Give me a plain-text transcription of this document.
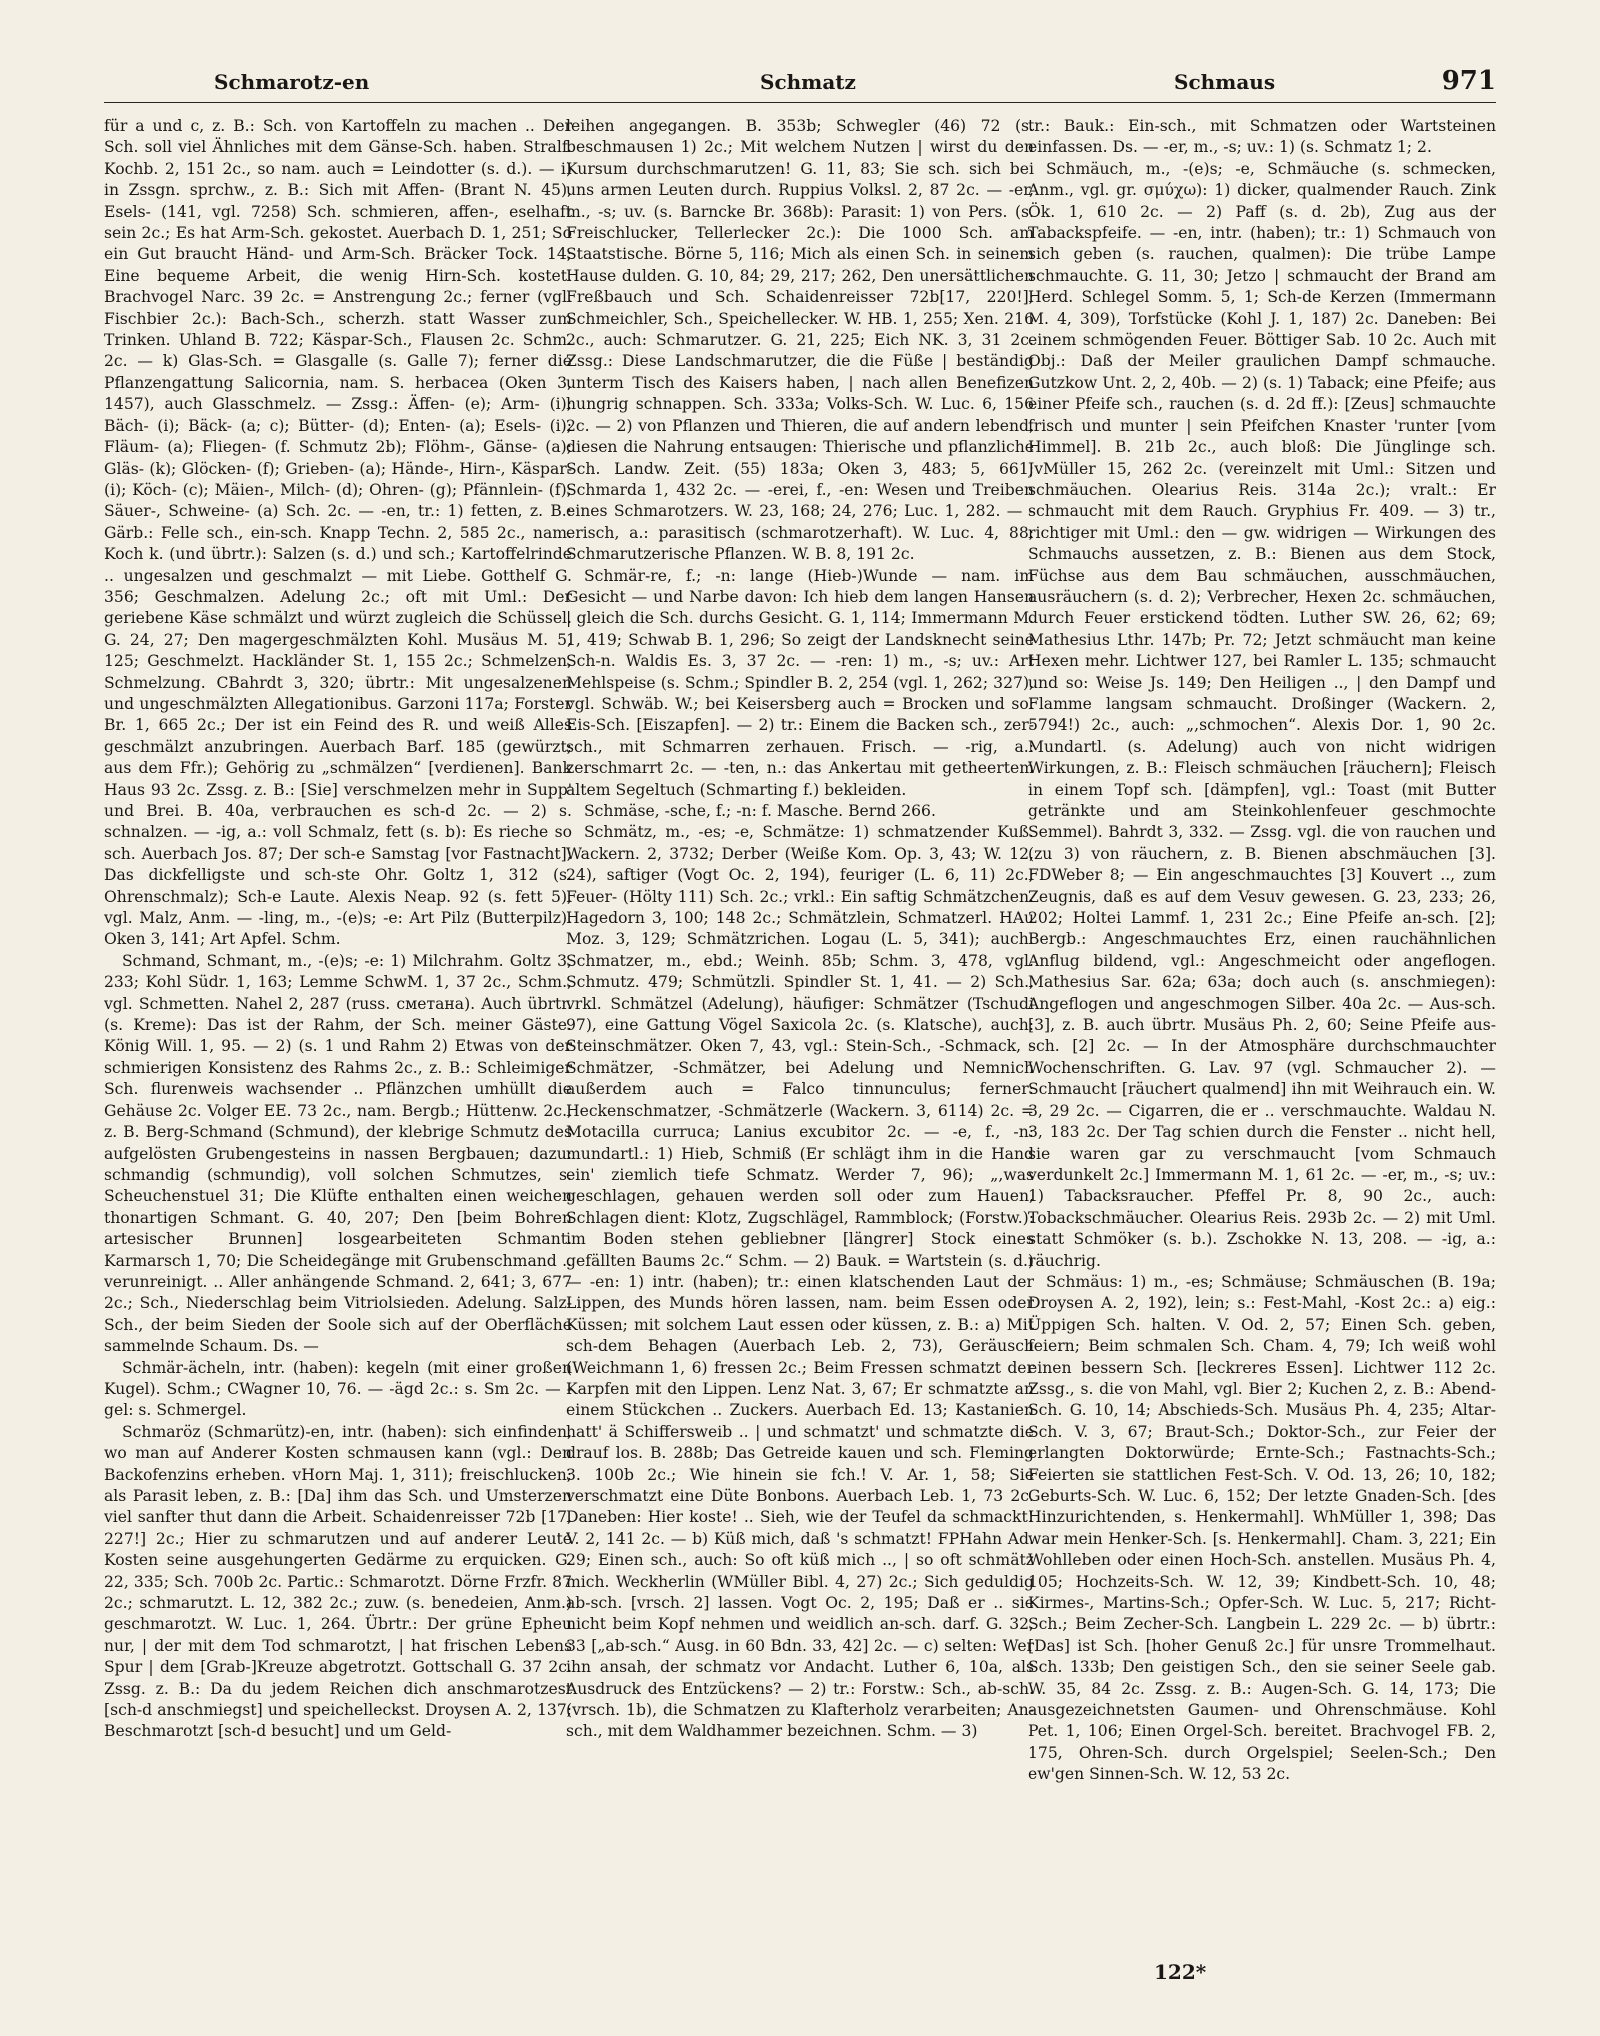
Schmarotz-en	Schmatz	Schmaus	971

für a und c, z. B.: Sch. von Kartoffeln zu machen .. Der Sch. soll viel Ähnliches mit dem Gänse-Sch. haben. Stralf. Kochb. 2, 151 2c., so nam. auch = Leindotter (s. d.). — i) in Zssgn. sprchw., z. B.: Sich mit Affen- (Brant N. 45), Esels- (141, vgl. 7258) Sch. schmieren, affen-, eselhaft sein 2c.; Es hat Arm-Sch. gekostet. Auerbach D. 1, 251; So ein Gut braucht Händ- und Arm-Sch. Bräcker Tock. 14; Eine bequeme Arbeit, die wenig Hirn-Sch. kostet. Brachvogel Narc. 39 2c. = Anstrengung 2c.; ferner (vgl. Fischbier 2c.): Bach-Sch., scherzh. statt Wasser zum Trinken. Uhland B. 722; Käspar-Sch., Flausen 2c. Schm. 2c. — k) Glas-Sch. = Glasgalle (s. Galle 7); ferner die Pflanzengattung Salicornia, nam. S. herbacea (Oken 3, 1457), auch Glasschmelz. — Zssg.: Äffen- (e); Arm- (i); Bäch- (i); Bäck- (a; c); Bütter- (d); Enten- (a); Esels- (i); Fläum- (a); Fliegen- (f. Schmutz 2b); Flöhm-, Gänse- (a); Gläs- (k); Glöcken- (f); Grieben- (a); Hände-, Hirn-, Käspar- (i); Köch- (c); Mäien-, Milch- (d); Ohren- (g); Pfännlein- (f); Säuer-, Schweine- (a) Sch. 2c. — -en, tr.: 1) fetten, z. B.: Gärb.: Felle sch., ein-sch. Knapp Techn. 2, 585 2c., nam. Koch k. (und übrtr.): Salzen (s. d.) und sch.; Kartoffelrinde .. ungesalzen und geschmalzt — mit Liebe. Gotthelf G. 356; Geschmalzen. Adelung 2c.; oft mit Uml.: Der geriebene Käse schmälzt und würzt zugleich die Schüssel. G. 24, 27; Den magergeschmälzten Kohl. Musäus M. 5, 125; Geschmelzt. Hackländer St. 1, 155 2c.; Schmelzen, Schmelzung. CBahrdt 3, 320; übrtr.: Mit ungesalzenen und ungeschmälzten Allegationibus. Garzoni 117a; Forster Br. 1, 665 2c.; Der ist ein Feind des R. und weiß Alles geschmälzt anzubringen. Auerbach Barf. 185 (gewürzt; aus dem Ffr.); Gehörig zu „schmälzen“ [verdienen]. Bank Haus 93 2c. Zssg. z. B.: [Sie] verschmelzen mehr in Supp' und Brei. B. 40a, verbrauchen es sch-d 2c. — 2) s. schnalzen. — -ig, a.: voll Schmalz, fett (s. b): Es rieche so sch. Auerbach Jos. 87; Der sch-e Samstag [vor Fastnacht]; Das dickfelligste und sch-ste Ohr. Goltz 1, 312 (s. Ohrenschmalz); Sch-e Laute. Alexis Neap. 92 (s. fett 5), vgl. Malz, Anm. — -ling, m., -(e)s; -e: Art Pilz (Butterpilz). Oken 3, 141; Art Apfel. Schm.

Schmand, Schmant, m., -(e)s; -e: 1) Milchrahm. Goltz 3, 233; Kohl Südr. 1, 163; Lemme SchwM. 1, 37 2c., Schm., vgl. Schmetten. Nahel 2, 287 (russ. сметана). Auch übrtr. (s. Kreme): Das ist der Rahm, der Sch. meiner Gäste. König Will. 1, 95. — 2) (s. 1 und Rahm 2) Etwas von der schmierigen Konsistenz des Rahms 2c., z. B.: Schleimiger Sch. flurenweis wachsender .. Pflänzchen umhüllt die Gehäuse 2c. Volger EE. 73 2c., nam. Bergb.; Hüttenw. 2c., z. B. Berg-Schmand (Schmund), der klebrige Schmutz des aufgelösten Grubengesteins in nassen Bergbauen; dazu: schmandig (schmundig), voll solchen Schmutzes, s. Scheuchenstuel 31; Die Klüfte enthalten einen weichen thonartigen Schmant. G. 40, 207; Den [beim Bohren artesischer Brunnen] losgearbeiteten Schmant. Karmarsch 1, 70; Die Scheidegänge mit Grubenschmand .. verunreinigt. .. Aller anhängende Schmand. 2, 641; 3, 677 2c.; Sch., Niederschlag beim Vitriolsieden. Adelung. Salz-Sch., der beim Sieden der Soole sich auf der Oberfläche sammelnde Schaum. Ds. —

Schmär-ächeln, intr. (haben): kegeln (mit einer großen Kugel). Schm.; CWagner 10, 76. — -ägd 2c.: s. Sm 2c. — -gel: s. Schmergel.

Schmaröz (Schmarütz)-en, intr. (haben): sich einfinden, wo man auf Anderer Kosten schmausen kann (vgl.: Den Backofenzins erheben. vHorn Maj. 1, 311); freischlucken; als Parasit leben, z. B.: [Da] ihm das Sch. und Umsterzen viel sanfter thut dann die Arbeit. Schaidenreisser 72b [17, 227!] 2c.; Hier zu schmarutzen und auf anderer Leute Kosten seine ausgehungerten Gedärme zu erquicken. G. 22, 335; Sch. 700b 2c. Partic.: Schmarotzt. Dörne Frzfr. 87 2c.; schmarutzt. L. 12, 382 2c.; zuw. (s. benedeien, Anm.) geschmarotzt. W. Luc. 1, 264. Übrtr.: Der grüne Epheu nur, | der mit dem Tod schmarotzt, | hat frischen Lebens Spur | dem [Grab-]Kreuze abgetrotzt. Gottschall G. 37 2c. Zssg. z. B.: Da du jedem Reichen dich anschmarotzest [sch-d anschmiegst] und speichelleckst. Droysen A. 2, 137; Beschmarotzt [sch-d besucht] und um Geld-

leihen angegangen. B. 353b; Schwegler (46) 72 (s. beschmausen 1) 2c.; Mit welchem Nutzen | wirst du den Kursum durchschmarutzen! G. 11, 83; Sie sch. sich bei uns armen Leuten durch. Ruppius Volksl. 2, 87 2c. — -er, m., -s; uv. (s. Barncke Br. 368b): Parasit: 1) von Pers. (s. Freischlucker, Tellerlecker 2c.): Die 1000 Sch. am Staatstische. Börne 5, 116; Mich als einen Sch. in seinem Hause dulden. G. 10, 84; 29, 217; 262, Den unersättlichen Freßbauch und Sch. Schaidenreisser 72b[17, 220!]; Schmeichler, Sch., Speichellecker. W. HB. 1, 255; Xen. 216 2c., auch: Schmarutzer. G. 21, 225; Eich NK. 3, 31 2c. Zssg.: Diese Landschmarutzer, die die Füße | beständig unterm Tisch des Kaisers haben, | nach allen Benefizen hungrig schnappen. Sch. 333a; Volks-Sch. W. Luc. 6, 156 2c. — 2) von Pflanzen und Thieren, die auf andern lebend, diesen die Nahrung entsaugen: Thierische und pflanzliche Sch. Landw. Zeit. (55) 183a; Oken 3, 483; 5, 661; Schmarda 1, 432 2c. — -erei, f., -en: Wesen und Treiben eines Schmarotzers. W. 23, 168; 24, 276; Luc. 1, 282. — -erisch, a.: parasitisch (schmarotzerhaft). W. Luc. 4, 88; Schmarutzerische Pflanzen. W. B. 8, 191 2c.

Schmär-re, f.; -n: lange (Hieb-)Wunde — nam. im Gesicht — und Narbe davon: Ich hieb dem langen Hansen | gleich die Sch. durchs Gesicht. G. 1, 114; Immermann M. 1, 419; Schwab B. 1, 296; So zeigt der Landsknecht seine Sch-n. Waldis Es. 3, 37 2c. — -ren: 1) m., -s; uv.: Art Mehlspeise (s. Schm.; Spindler B. 2, 254 (vgl. 1, 262; 327), vgl. Schwäb. W.; bei Keisersberg auch = Brocken und so: Eis-Sch. [Eiszapfen]. — 2) tr.: Einem die Backen sch., zer-sch., mit Schmarren zerhauen. Frisch. — -rig, a.: zerschmarrt 2c. — -ten, n.: das Ankertau mit getheertem altem Segeltuch (Schmarting f.) bekleiden.

Schmäse, -sche, f.; -n: f. Masche. Bernd 266.

Schmätz, m., -es; -e, Schmätze: 1) schmatzender Kuß. Wackern. 2, 3732; Derber (Weiße Kom. Op. 3, 43; W. 12, 24), saftiger (Vogt Oc. 2, 194), feuriger (L. 6, 11) 2c.; Feuer- (Hölty 111) Sch. 2c.; vrkl.: Ein saftig Schmätzchen. Hagedorn 3, 100; 148 2c.; Schmätzlein, Schmatzerl. HAu Moz. 3, 129; Schmätzrichen. Logau (L. 5, 341); auch: Schmatzer, m., ebd.; Weinh. 85b; Schm. 3, 478, vgl. Schmutz. 479; Schmützli. Spindler St. 1, 41. — 2) Sch., vrkl. Schmätzel (Adelung), häufiger: Schmätzer (Tschudi 97), eine Gattung Vögel Saxicola 2c. (s. Klatsche), auch: Steinschmätzer. Oken 7, 43, vgl.: Stein-Sch., -Schmack, -Schmätzer, -Schmätzer, bei Adelung und Nemnich außerdem auch = Falco tinnunculus; ferner: Heckenschmatzer, -Schmätzerle (Wackern. 3, 6114) 2c. = Motacilla curruca; Lanius excubitor 2c. — -e, f., -n: mundartl.: 1) Hieb, Schmiß (Er schlägt ihm in die Hand ein' ziemlich tiefe Schmatz. Werder 7, 96); „,was geschlagen, gehauen werden soll oder zum Hauen, Schlagen dient: Klotz, Zugschlägel, Rammblock; (Forstw.): im Boden stehen gebliebner [längrer] Stock eines gefällten Baums 2c.“ Schm. — 2) Bauk. = Wartstein (s. d.) — -en: 1) intr. (haben); tr.: einen klatschenden Laut der Lippen, des Munds hören lassen, nam. beim Essen oder Küssen; mit solchem Laut essen oder küssen, z. B.: a) Mit sch-dem Behagen (Auerbach Leb. 2, 73), Geräusch (Weichmann 1, 6) fressen 2c.; Beim Fressen schmatzt der Karpfen mit den Lippen. Lenz Nat. 3, 67; Er schmatzte an einem Stückchen .. Zuckers. Auerbach Ed. 13; Kastanien hatt' ä Schiffersweib .. | und schmatzt' und schmatzte die drauf los. B. 288b; Das Getreide kauen und sch. Fleming 3. 100b 2c.; Wie hinein sie fch.! V. Ar. 1, 58; Sie verschmatzt eine Düte Bonbons. Auerbach Leb. 1, 73 2c. Daneben: Hier koste! .. Sieh, wie der Teufel da schmackt! V. 2, 141 2c. — b) Küß mich, daß 's schmatzt! FPHahn Ad. 29; Einen sch., auch: So oft küß mich .., | so oft schmätz mich. Weckherlin (WMüller Bibl. 4, 27) 2c.; Sich geduldig ab-sch. [vrsch. 2] lassen. Vogt Oc. 2, 195; Daß er .. sie nicht beim Kopf nehmen und weidlich an-sch. darf. G. 32, 33 [„ab-sch.“ Ausg. in 60 Bdn. 33, 42] 2c. — c) selten: Wer ihn ansah, der schmatz vor Andacht. Luther 6, 10a, als Ausdruck des Entzückens? — 2) tr.: Forstw.: Sch., ab-sch. (vrsch. 1b), die Schmatzen zu Klafterholz verarbeiten; An-sch., mit dem Waldhammer bezeichnen. Schm. — 3)

tr.: Bauk.: Ein-sch., mit Schmatzen oder Wartsteinen einfassen. Ds. — -er, m., -s; uv.: 1) (s. Schmatz 1; 2.

Schmäuch, m., -(e)s; -e, Schmäuche (s. schmecken, Anm., vgl. gr. σμύχω): 1) dicker, qualmender Rauch. Zink Ök. 1, 610 2c. — 2) Paff (s. d. 2b), Zug aus der Tabackspfeife. — -en, intr. (haben); tr.: 1) Schmauch von sich geben (s. rauchen, qualmen): Die trübe Lampe schmauchte. G. 11, 30; Jetzo | schmaucht der Brand am Herd. Schlegel Somm. 5, 1; Sch-de Kerzen (Immermann M. 4, 309), Torfstücke (Kohl J. 1, 187) 2c. Daneben: Bei einem schmögenden Feuer. Böttiger Sab. 10 2c. Auch mit Obj.: Daß der Meiler graulichen Dampf schmauche. Gutzkow Unt. 2, 2, 40b. — 2) (s. 1) Taback; eine Pfeife; aus einer Pfeife sch., rauchen (s. d. 2d ff.): [Zeus] schmauchte frisch und munter | sein Pfeifchen Knaster 'runter [vom Himmel]. B. 21b 2c., auch bloß: Die Jünglinge sch. JvMüller 15, 262 2c. (vereinzelt mit Uml.: Sitzen und schmäuchen. Olearius Reis. 314a 2c.); vralt.: Er schmaucht mit dem Rauch. Gryphius Fr. 409. — 3) tr., richtiger mit Uml.: den — gw. widrigen — Wirkungen des Schmauchs aussetzen, z. B.: Bienen aus dem Stock, Füchse aus dem Bau schmäuchen, ausschmäuchen, ausräuchern (s. d. 2); Verbrecher, Hexen 2c. schmäuchen, durch Feuer erstickend tödten. Luther SW. 26, 62; 69; Mathesius Lthr. 147b; Pr. 72; Jetzt schmäucht man keine Hexen mehr. Lichtwer 127, bei Ramler L. 135; schmaucht und so: Weise Js. 149; Den Heiligen .., | den Dampf und Flamme langsam schmaucht. Droßinger (Wackern. 2, 5794!) 2c., auch: „,schmochen“. Alexis Dor. 1, 90 2c. Mundartl. (s. Adelung) auch von nicht widrigen Wirkungen, z. B.: Fleisch schmäuchen [räuchern]; Fleisch in einem Topf sch. [dämpfen], vgl.: Toast (mit Butter getränkte und am Steinkohlenfeuer geschmochte Semmel). Bahrdt 3, 332. — Zssg. vgl. die von rauchen und (zu 3) von räuchern, z. B. Bienen abschmäuchen [3]. FDWeber 8; — Ein angeschmauchtes [3] Kouvert .., zum Zeugnis, daß es auf dem Vesuv gewesen. G. 23, 233; 26, 202; Holtei Lammf. 1, 231 2c.; Eine Pfeife an-sch. [2]; Bergb.: Angeschmauchtes Erz, einen rauchähnlichen Anflug bildend, vgl.: Angeschmeicht oder angeflogen. Mathesius Sar. 62a; 63a; doch auch (s. anschmiegen): Angeflogen und angeschmogen Silber. 40a 2c. — Aus-sch. [3], z. B. auch übrtr. Musäus Ph. 2, 60; Seine Pfeife aus-sch. [2] 2c. — In der Atmosphäre durchschmauchter Wochenschriften. G. Lav. 97 (vgl. Schmaucher 2). — Schmaucht [räuchert qualmend] ihn mit Weihrauch ein. W. 3, 29 2c. — Cigarren, die er .. verschmauchte. Waldau N. 3, 183 2c. Der Tag schien durch die Fenster .. nicht hell, sie waren gar zu verschmaucht [vom Schmauch verdunkelt 2c.] Immermann M. 1, 61 2c. — -er, m., -s; uv.: 1) Tabacksraucher. Pfeffel Pr. 8, 90 2c., auch: Tobackschmäucher. Olearius Reis. 293b 2c. — 2) mit Uml. statt Schmöker (s. b.). Zschokke N. 13, 208. — -ig, a.: räuchrig.

Schmäus: 1) m., -es; Schmäuse; Schmäuschen (B. 19a; Droysen A. 2, 192), lein; s.: Fest-Mahl, -Kost 2c.: a) eig.: Üppigen Sch. halten. V. Od. 2, 57; Einen Sch. geben, feiern; Beim schmalen Sch. Cham. 4, 79; Ich weiß wohl einen bessern Sch. [leckreres Essen]. Lichtwer 112 2c. Zssg., s. die von Mahl, vgl. Bier 2; Kuchen 2, z. B.: Abend-Sch. G. 10, 14; Abschieds-Sch. Musäus Ph. 4, 235; Altar-Sch. V. 3, 67; Braut-Sch.; Doktor-Sch., zur Feier der erlangten Doktorwürde; Ernte-Sch.; Fastnachts-Sch.; Feierten sie stattlichen Fest-Sch. V. Od. 13, 26; 10, 182; Geburts-Sch. W. Luc. 6, 152; Der letzte Gnaden-Sch. [des Hinzurichtenden, s. Henkermahl]. WhMüller 1, 398; Das war mein Henker-Sch. [s. Henkermahl]. Cham. 3, 221; Ein Wohlleben oder einen Hoch-Sch. anstellen. Musäus Ph. 4, 105; Hochzeits-Sch. W. 12, 39; Kindbett-Sch. 10, 48; Kirmes-, Martins-Sch.; Opfer-Sch. W. Luc. 5, 217; Richt-Sch.; Beim Zecher-Sch. Langbein L. 229 2c. — b) übrtr.: [Das] ist Sch. [hoher Genuß 2c.] für unsre Trommelhaut. Sch. 133b; Den geistigen Sch., den sie seiner Seele gab. W. 35, 84 2c. Zssg. z. B.: Augen-Sch. G. 14, 173; Die ausgezeichnetsten Gaumen- und Ohrenschmäuse. Kohl Pet. 1, 106; Einen Orgel-Sch. bereitet. Brachvogel FB. 2, 175, Ohren-Sch. durch Orgelspiel; Seelen-Sch.; Den ew'gen Sinnen-Sch. W. 12, 53 2c.

122*
